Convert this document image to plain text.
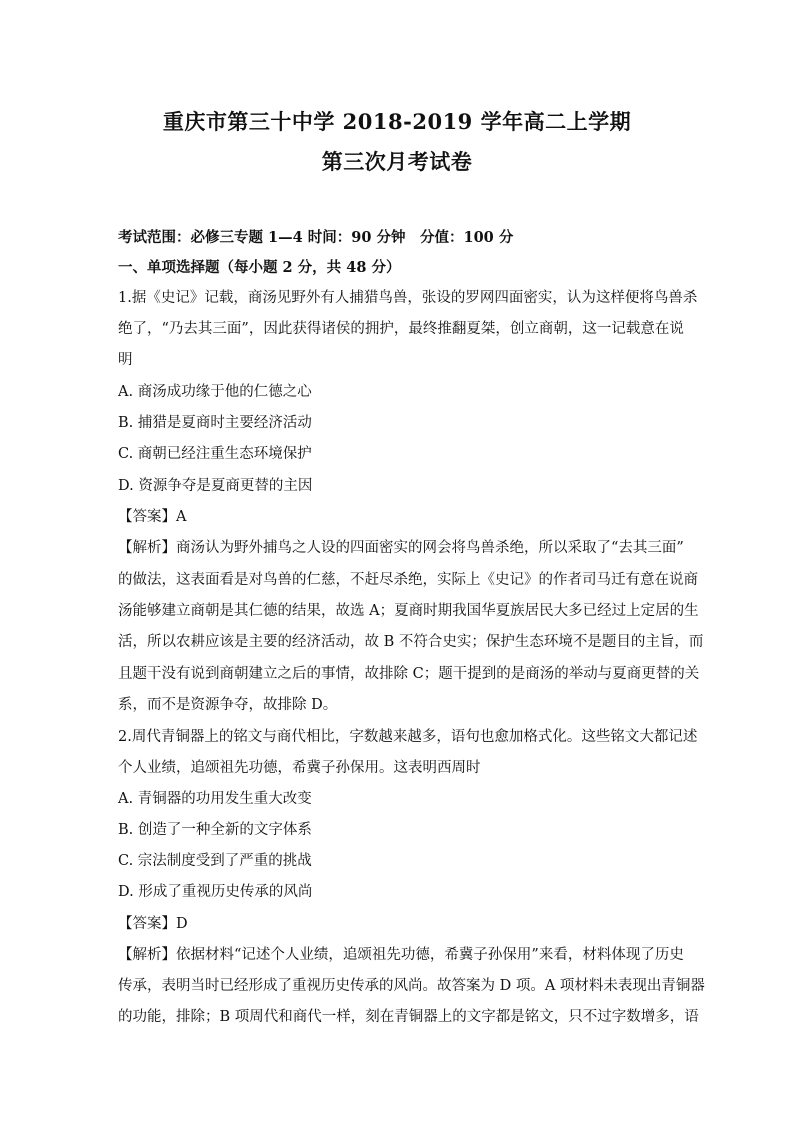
重庆市第三十中学 2018-2019 学年高二上学期
第三次月考试卷
考试范围：必修三专题 1—4 时间：90 分钟　分值：100 分
一、单项选择题（每小题 2 分，共 48 分）
1.据《史记》记载，商汤见野外有人捕猎鸟兽，张设的罗网四面密实，认为这样便将鸟兽杀
绝了，“乃去其三面”，因此获得诸侯的拥护，最终推翻夏桀，创立商朝，这一记载意在说
明
A. 商汤成功缘于他的仁德之心
B. 捕猎是夏商时主要经济活动
C. 商朝已经注重生态环境保护
D. 资源争夺是夏商更替的主因
【答案】A
【解析】商汤认为野外捕鸟之人设的四面密实的网会将鸟兽杀绝，所以采取了“去其三面”
的做法，这表面看是对鸟兽的仁慈，不赶尽杀绝，实际上《史记》的作者司马迁有意在说商
汤能够建立商朝是其仁德的结果，故选 A；夏商时期我国华夏族居民大多已经过上定居的生
活，所以农耕应该是主要的经济活动，故 B 不符合史实；保护生态环境不是题目的主旨，而
且题干没有说到商朝建立之后的事情，故排除 C；题干提到的是商汤的举动与夏商更替的关
系，而不是资源争夺，故排除 D。
2.周代青铜器上的铭文与商代相比，字数越来越多，语句也愈加格式化。这些铭文大都记述
个人业绩，追颂祖先功德，希冀子孙保用。这表明西周时
A. 青铜器的功用发生重大改变
B. 创造了一种全新的文字体系
C. 宗法制度受到了严重的挑战
D. 形成了重视历史传承的风尚
【答案】D
【解析】依据材料“记述个人业绩，追颂祖先功德，希冀子孙保用”来看，材料体现了历史
传承，表明当时已经形成了重视历史传承的风尚。故答案为 D 项。A 项材料未表现出青铜器
的功能，排除；B 项周代和商代一样，刻在青铜器上的文字都是铭文，只不过字数增多，语
